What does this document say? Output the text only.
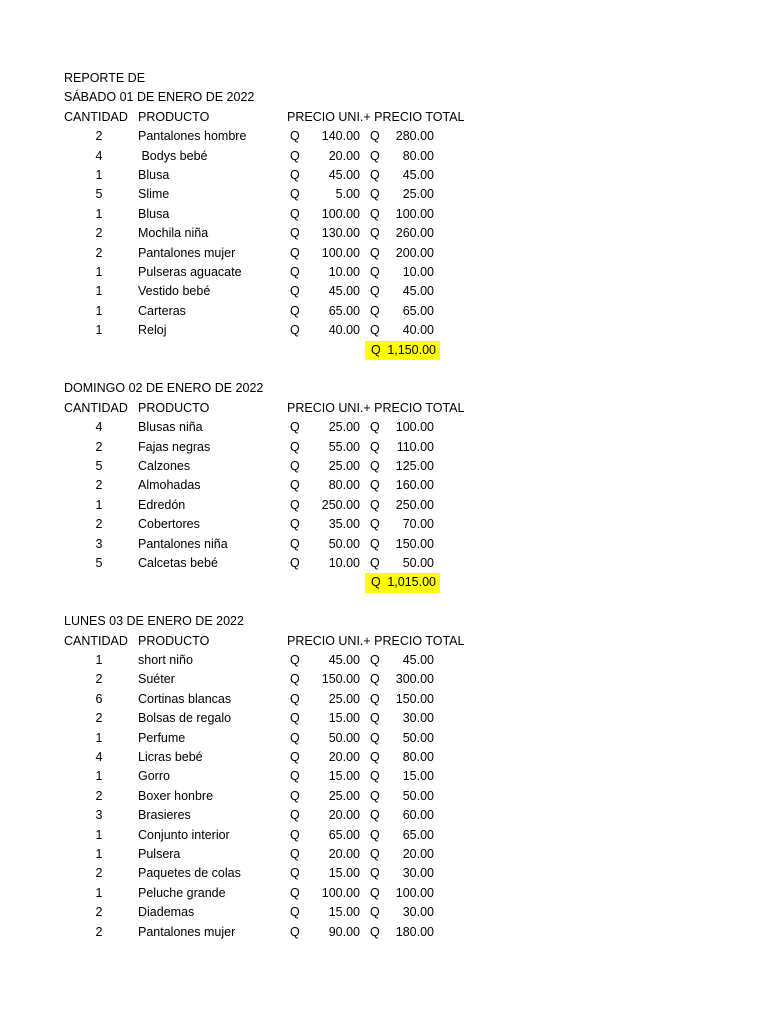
REPORTE DE
SÁBADO 01 DE ENERO DE 2022
CANTIDAD PRODUCTO	PRECIO UNI.+ PRECIO TOTAL
2	Pantalones hombre	Q	140.00 Q	280.00
4	Bodys bebé	Q	20.00 Q	80.00
1	Blusa	Q	45.00 Q	45.00
5	Slime	Q	5.00 Q	25.00
1	Blusa	Q	100.00 Q	100.00
2	Mochila niña	Q	130.00 Q	260.00
2	Pantalones mujer	Q	100.00 Q	200.00
1	Pulseras aguacate	Q	10.00 Q	10.00
1	Vestido bebé	Q	45.00 Q	45.00
1	Carteras	Q	65.00 Q	65.00
1	Reloj	Q	40.00 Q	40.00
Q 1,150.00
DOMINGO 02 DE ENERO DE 2022
CANTIDAD PRODUCTO	PRECIO UNI.+ PRECIO TOTAL
4	Blusas niña	Q	25.00 Q	100.00
2	Fajas negras	Q	55.00 Q	110.00
5	Calzones	Q	25.00 Q	125.00
2	Almohadas	Q	80.00 Q	160.00
1	Edredón	Q	250.00 Q	250.00
2	Cobertores	Q	35.00 Q	70.00
3	Pantalones niña	Q	50.00 Q	150.00
5	Calcetas bebé	Q	10.00 Q	50.00
Q 1,015.00
LUNES 03 DE ENERO DE 2022
CANTIDAD PRODUCTO	PRECIO UNI.+ PRECIO TOTAL
1	short niño	Q	45.00 Q	45.00
2	Suéter	Q	150.00 Q	300.00
6	Cortinas blancas	Q	25.00 Q	150.00
2	Bolsas de regalo	Q	15.00 Q	30.00
1	Perfume	Q	50.00 Q	50.00
4	Licras bebé	Q	20.00 Q	80.00
1	Gorro	Q	15.00 Q	15.00
2	Boxer honbre	Q	25.00 Q	50.00
3	Brasieres	Q	20.00 Q	60.00
1	Conjunto interior	Q	65.00 Q	65.00
1	Pulsera	Q	20.00 Q	20.00
2	Paquetes de colas	Q	15.00 Q	30.00
1	Peluche grande	Q	100.00 Q	100.00
2	Diademas	Q	15.00 Q	30.00
2	Pantalones mujer	Q	90.00 Q	180.00
